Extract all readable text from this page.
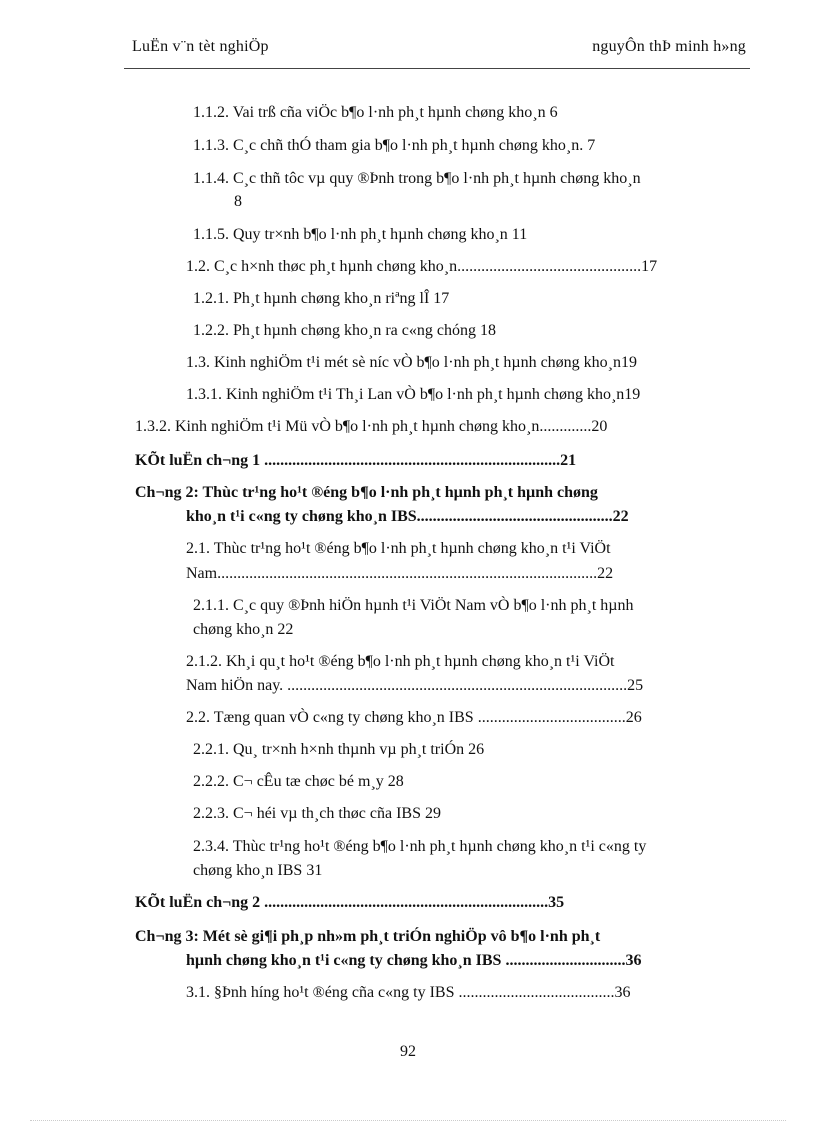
LuËn v¨n tèt nghiÖp	nguyÔn thÞ minh h»ng
1.1.2. Vai trß cña viÖc b¶o l·nh ph¸t hµnh chøng kho¸n 6
1.1.3. C¸c chñ thÓ tham gia b¶o l·nh ph¸t hµnh chøng kho¸n. 7
1.1.4. C¸c thñ tôc vµ quy ®Þnh trong b¶o l·nh ph¸t hµnh chøng kho¸n
8
1.1.5. Quy tr×nh b¶o l·nh ph¸t hµnh chøng kho¸n 11
1.2. C¸c h×nh thøc ph¸t hµnh chøng kho¸n..............................................17
1.2.1. Ph¸t hµnh chøng kho¸n riªng lÎ 17
1.2.2. Ph¸t hµnh chøng kho¸n ra c«ng chóng 18
1.3. Kinh nghiÖm t¹i mét sè níc vÒ b¶o l·nh ph¸t hµnh chøng kho¸n19
1.3.1. Kinh nghiÖm t¹i Th¸i Lan vÒ b¶o l·nh ph¸t hµnh chøng kho¸n19
1.3.2. Kinh nghiÖm t¹i Mü vÒ b¶o l·nh ph¸t hµnh chøng kho¸n.............20
KÕt luËn ch¬ng 1 ..........................................................................21
Ch¬ng 2: Thùc tr¹ng ho¹t ®éng b¶o l·nh ph¸t hµnh ph¸t hµnh chøng
kho¸n t¹i c«ng ty chøng kho¸n IBS.................................................22
2.1. Thùc tr¹ng ho¹t ®éng b¶o l·nh ph¸t hµnh chøng kho¸n t¹i ViÖt
Nam...............................................................................................22
2.1.1. C¸c quy ®Þnh hiÖn hµnh t¹i ViÖt Nam vÒ b¶o l·nh ph¸t hµnh
chøng kho¸n 22
2.1.2. Kh¸i qu¸t ho¹t ®éng b¶o l·nh ph¸t hµnh chøng kho¸n t¹i ViÖt
Nam hiÖn nay. .....................................................................................25
2.2. Tæng quan vÒ c«ng ty chøng kho¸n IBS .....................................26
2.2.1. Qu¸ tr×nh h×nh thµnh vµ ph¸t triÓn 26
2.2.2. C¬ cÊu tæ chøc bé m¸y 28
2.2.3. C¬ héi vµ th¸ch thøc cña IBS 29
2.3.4. Thùc tr¹ng ho¹t ®éng b¶o l·nh ph¸t hµnh chøng kho¸n t¹i c«ng ty
chøng kho¸n IBS 31
KÕt luËn ch¬ng 2 .......................................................................35
Ch¬ng 3: Mét sè gi¶i ph¸p nh»m ph¸t triÓn nghiÖp vô b¶o l·nh ph¸t
hµnh chøng kho¸n t¹i c«ng ty chøng kho¸n IBS ..............................36
3.1. §Þnh híng ho¹t ®éng cña c«ng ty IBS .......................................36
92
